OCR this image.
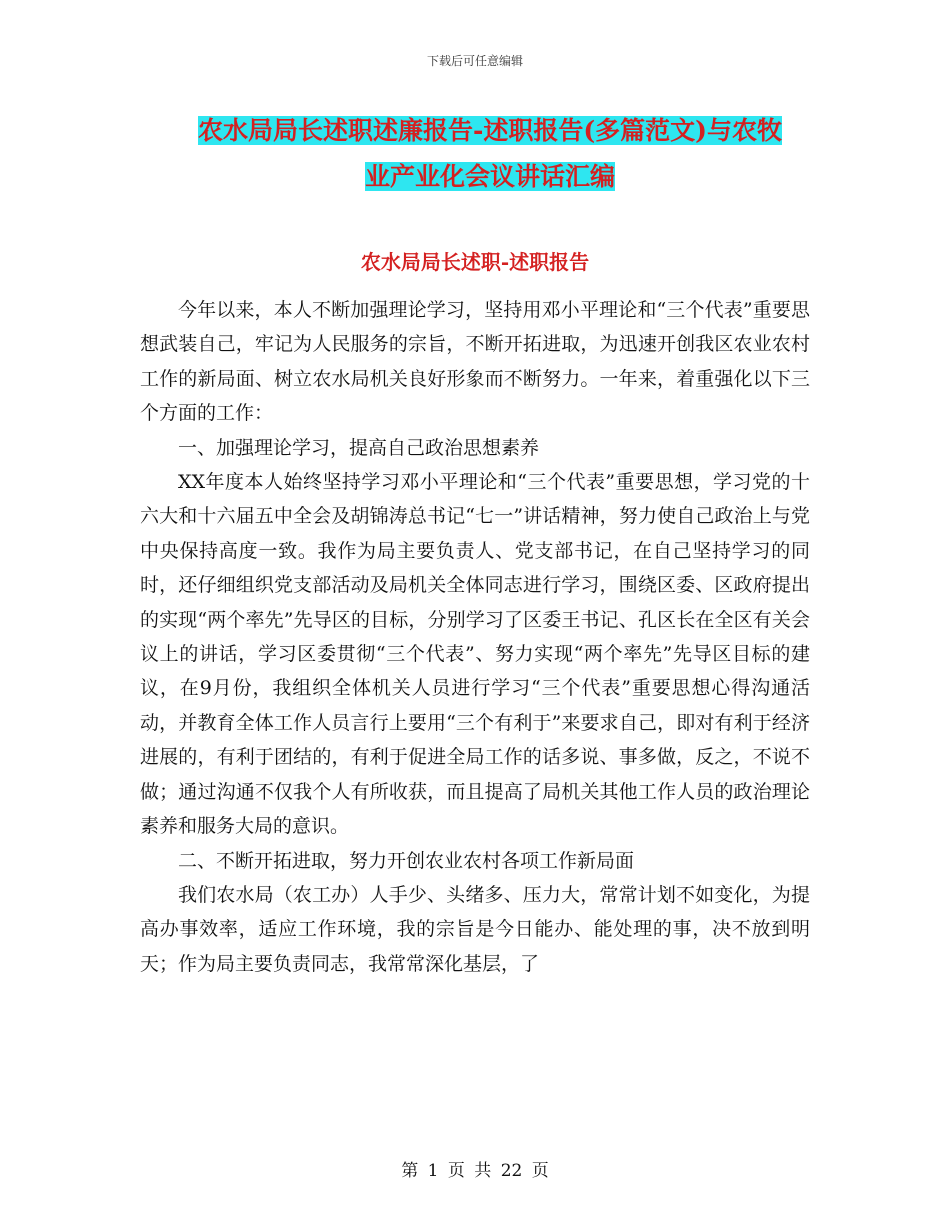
下载后可任意编辑
农水局局长述职述廉报告-述职报告(多篇范文)与农牧
业产业化会议讲话汇编
农水局局长述职-述职报告

今年以来，本人不断加强理论学习，坚持用邓小平理论和“三个代表”重要思想武装自己，牢记为人民服务的宗旨，不断开拓进取，为迅速开创我区农业农村工作的新局面、树立农水局机关良好形象而不断努力。一年来，着重强化以下三个方面的工作：

一、加强理论学习，提高自己政治思想素养

XX年度本人始终坚持学习邓小平理论和“三个代表”重要思想，学习党的十六大和十六届五中全会及胡锦涛总书记“七一”讲话精神，努力使自己政治上与党中央保持高度一致。我作为局主要负责人、党支部书记，在自己坚持学习的同时，还仔细组织党支部活动及局机关全体同志进行学习，围绕区委、区政府提出的实现“两个率先”先导区的目标，分别学习了区委王书记、孔区长在全区有关会议上的讲话，学习区委贯彻“三个代表”、努力实现“两个率先”先导区目标的建议，在9月份，我组织全体机关人员进行学习“三个代表”重要思想心得沟通活动，并教育全体工作人员言行上要用“三个有利于”来要求自己，即对有利于经济进展的，有利于团结的，有利于促进全局工作的话多说、事多做，反之，不说不做；通过沟通不仅我个人有所收获，而且提高了局机关其他工作人员的政治理论素养和服务大局的意识。

二、不断开拓进取，努力开创农业农村各项工作新局面

我们农水局（农工办）人手少、头绪多、压力大，常常计划不如变化，为提高办事效率，适应工作环境，我的宗旨是今日能办、能处理的事，决不放到明天；作为局主要负责同志，我常常深化基层，了

第 1 页 共 22 页
